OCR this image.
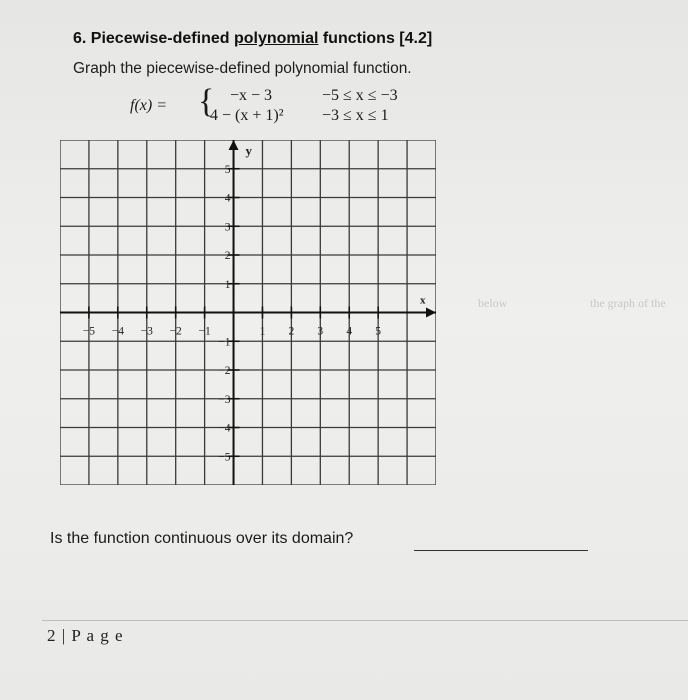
below	the graph of the
6. Piecewise-defined polynomial functions [4.2]
Graph the piecewise-defined polynomial function.
f(x) = { −x − 3
4 − (x + 1)²
−5 ≤ x ≤ −3
−3 ≤ x ≤ 1
−5 −4 −3 −2 −1	1 2 3 4 5
5
4
3
2
1
−1
−2
−3
−4
−5
x
y
Is the function continuous over its domain?
2 | P a g e
